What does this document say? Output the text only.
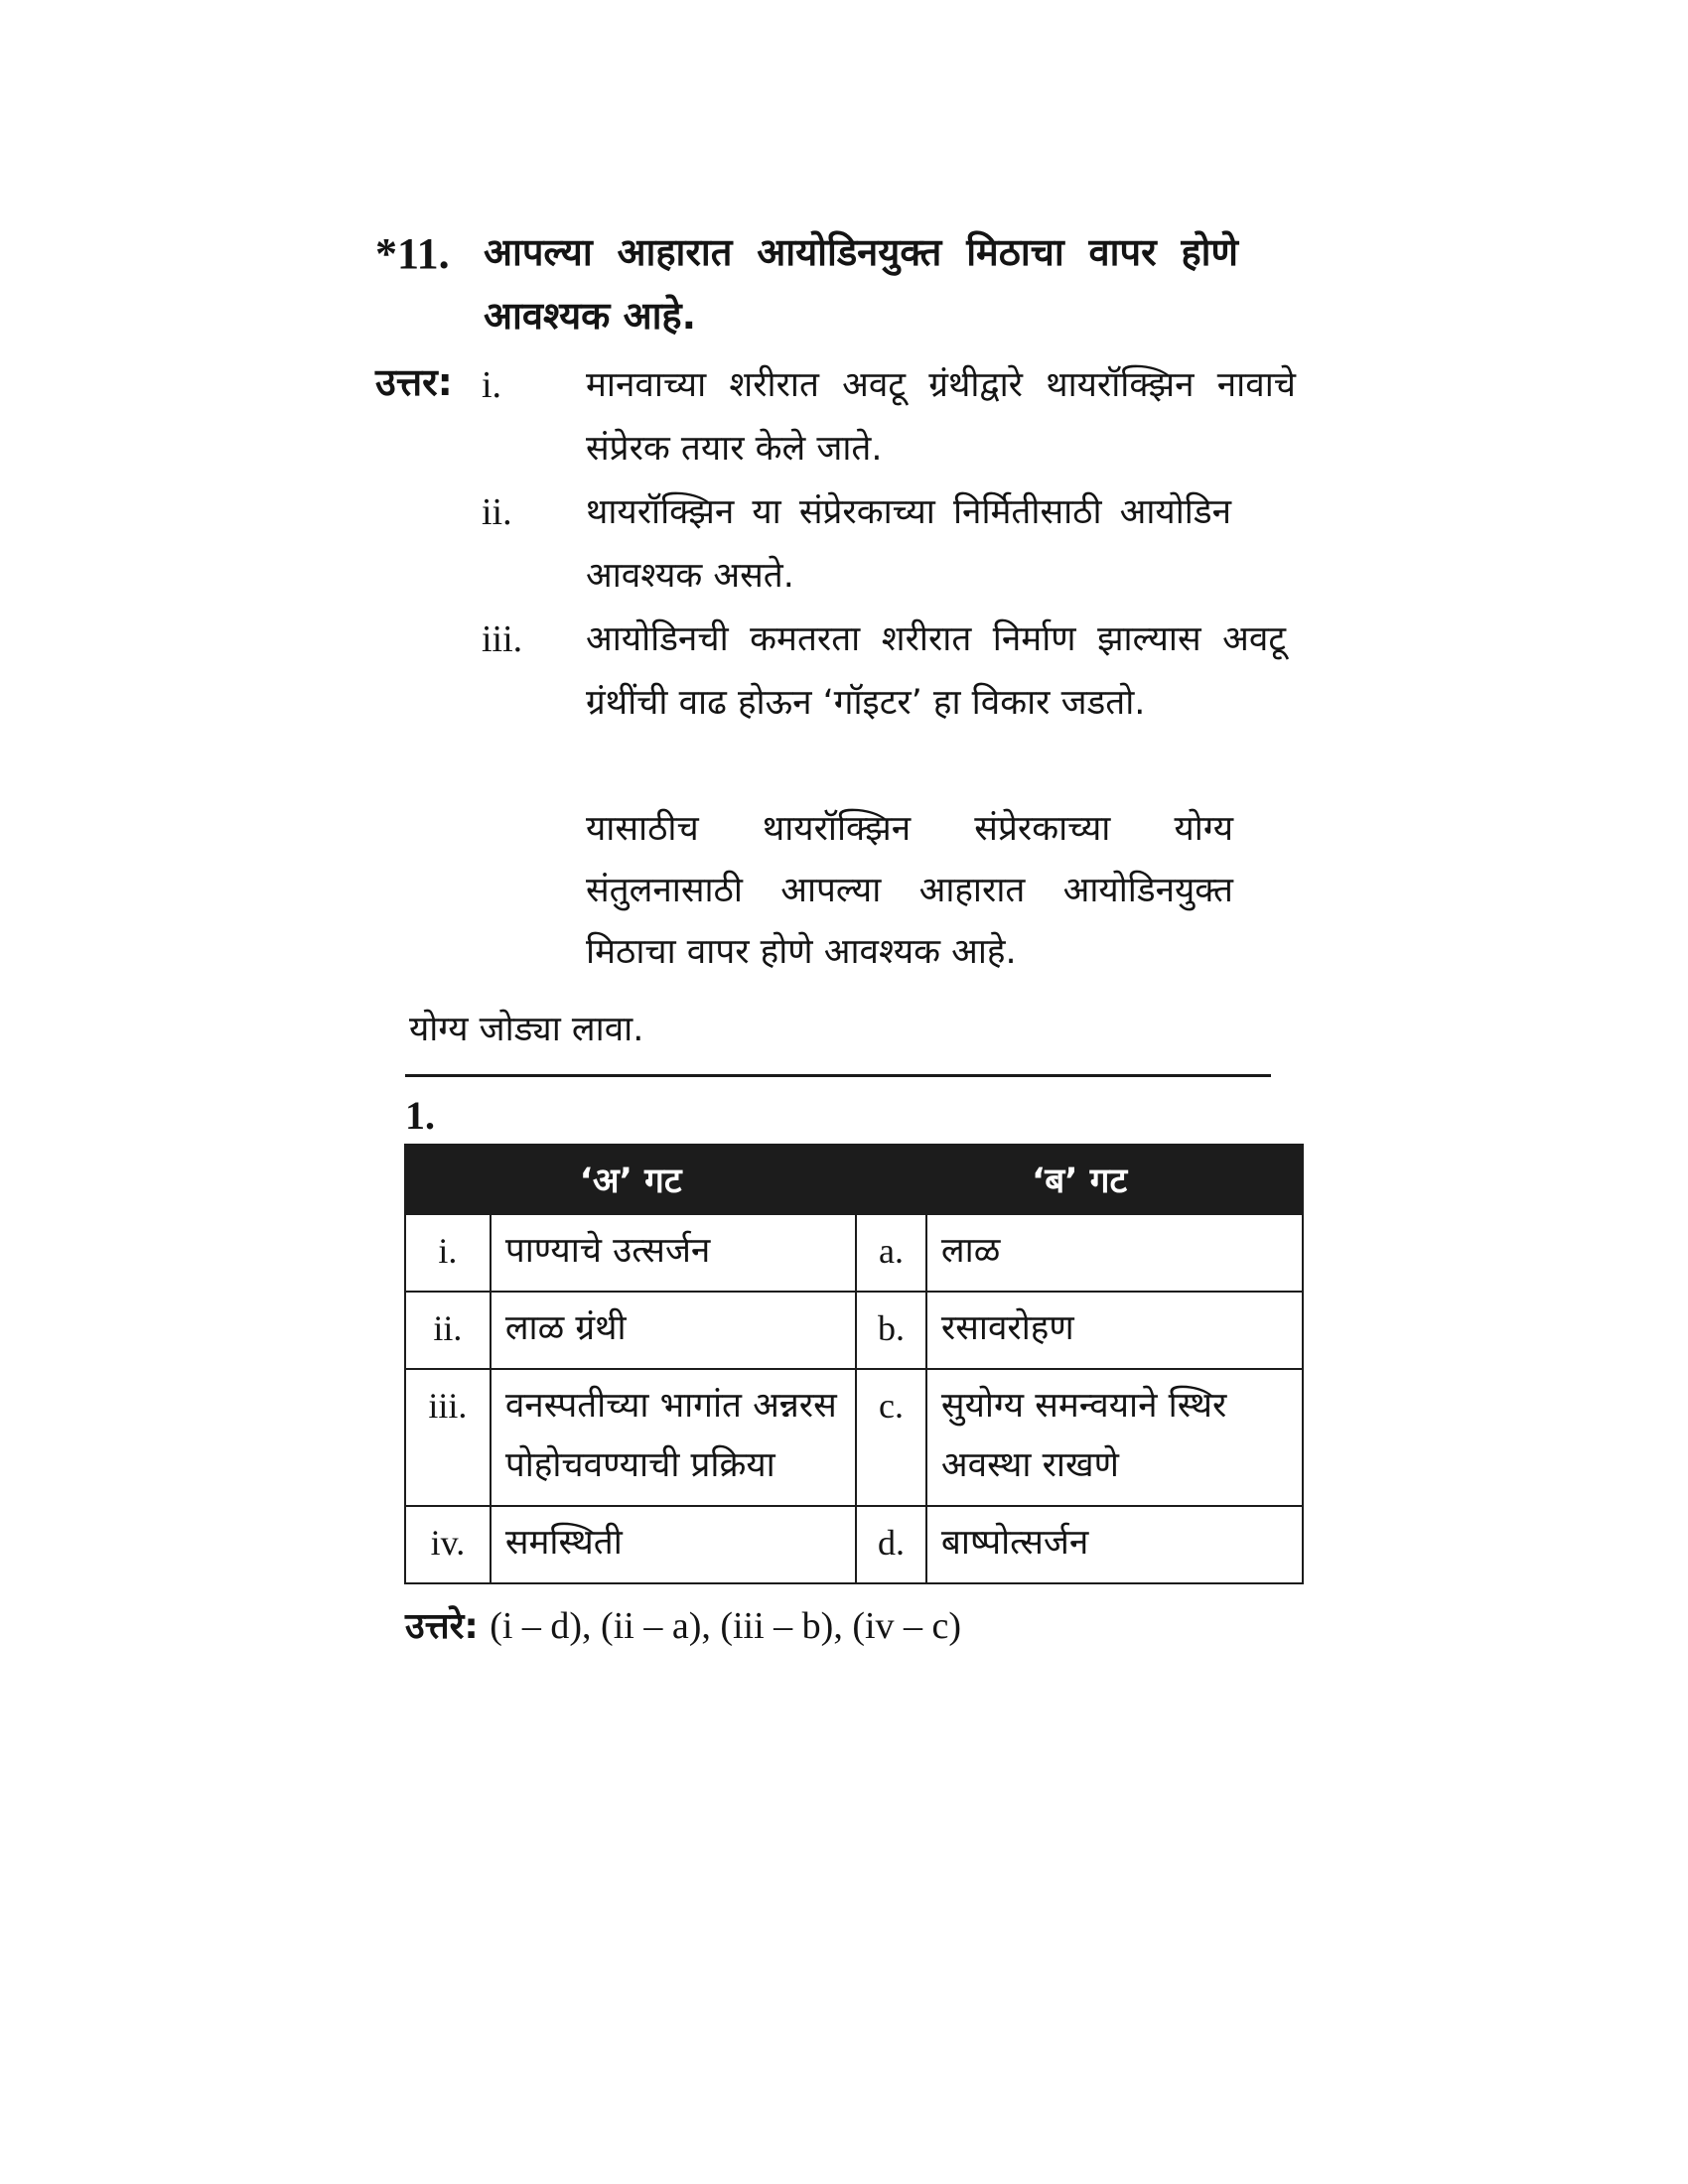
*11. आपल्या आहारात आयोडिनयुक्त मिठाचा वापर होणे आवश्यक आहे.
उत्तर: i.	मानवाच्या शरीरात अवटू ग्रंथीद्वारे थायरॉक्झिन नावाचे संप्रेरक तयार केले जाते.
ii.	थायरॉक्झिन या संप्रेरकाच्या निर्मितीसाठी आयोडिन आवश्यक असते.
iii.	आयोडिनची कमतरता शरीरात निर्माण झाल्यास अवटू ग्रंथींची वाढ होऊन ‘गॉइटर’ हा विकार जडतो.
यासाठीच थायरॉक्झिन संप्रेरकाच्या योग्य संतुलनासाठी आपल्या आहारात आयोडिनयुक्त मिठाचा वापर होणे आवश्यक आहे.
योग्य जोड्या लावा.
1.
‘अ’ गट		‘ब’ गट	
i.	पाण्याचे उत्सर्जन	a.	लाळ
ii.	लाळ ग्रंथी	b.	रसावरोहण
iii.	वनस्पतीच्या भागांत अन्नरस पोहोचवण्याची प्रक्रिया	c.	सुयोग्य समन्वयाने स्थिर अवस्था राखणे
iv.	समस्थिती	d.	बाष्पोत्सर्जन
उत्तरे: (i – d), (ii – a), (iii – b), (iv – c)
